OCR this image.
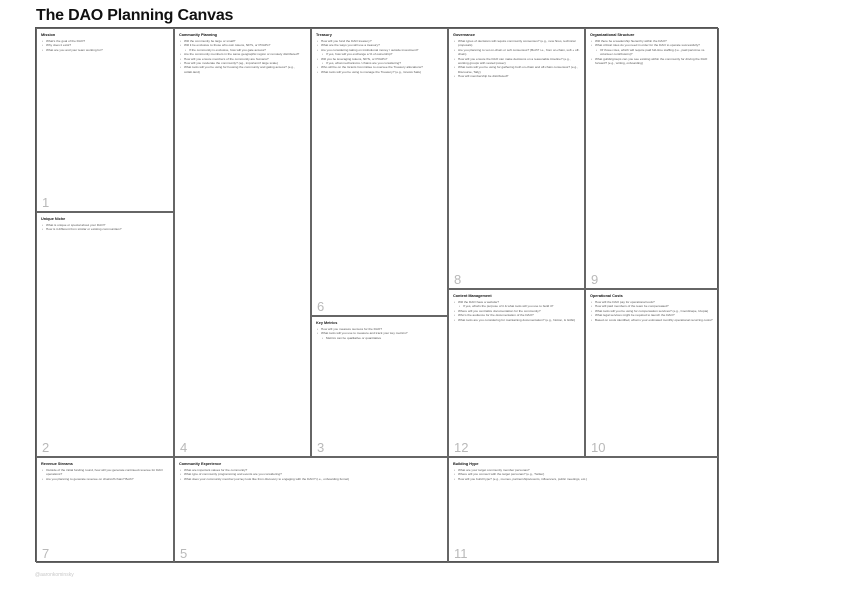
The DAO Planning Canvas
Mission
• What's the goal of the DAO?
• Why does it exist?
• What are you and your team working for?
1
Unique Niche
• What is unique or special about your DAO?
• How is it different from similar or existing communities?
2
Community Planning
• Will the community be large or small?
• Will it be exclusive to those who own tokens, NFTs, or POAPs?
• If the community is exclusive, how will you gate access?
• Are the community members in the same geographic region or remotely distributed?
• How will you ensure members of the community are humans?
• How will you moderate the community? (eg., important if large scale)
• What tools will you be using for housing the community and gating access? (e.g., collab.land)
4
Treasury
• How will you fund the DAO treasury?
• What are the ways you will use a treasury?
• Are you considering taking on institutional money / outside investment?
• If yes, how will you exchange a % of ownership?
• Will you be leveraging tokens, NFTs, or POAPs?
• If yes, what mechanisms / chains are you considering?
• Who will be on the Grants Committee to oversee the Treasury allocations?
• What tools will you be using to manage the Treasury? (e.g., Gnosis Safe)
6
Key Metrics
• How will you measure success for the DAO?
• What tools will you use to measure and track your key metrics?
• Metrics can be qualitative or quantitative
3
Governance
• What types of decisions will require community consensus? (e.g., new hires, technical proposals)
• Are you planning to vet on-chain or soft consensus? (Both? i.e., from on-chain, soft + off-chain)
• How will you ensure the DAO can make decisions on a reasonable timeline? (e.g., working groups with vested power)
• What tools will you be using for gathering both on-chain and off-chain consensus? (e.g., Discourse, Tally)
• How will membership be distributed?
8
Content Management
• Will the DAO have a website?
• If yes, what's the purpose of it & what tools will you use to build it?
• Where will you centralize documentation for the community?
• Who's the audience for the documentation of the DAO?
• What tools are you considering for maintaining documentation? (e.g., Notion, & Gitbit)
12
Organizational Structure
• Will there be a leadership hierarchy within the DAO?
• What critical roles do you need in order for the DAO to operate successfully?
• Of those roles, which will require paid full-time staffing (i.e., paid part-time vs. volunteer contributors)?
• What guilds/groups can you see existing within the community for driving the DAO forward? (e.g., writing, onboarding)
9
Operational Costs
• How will the DAO pay for operational tools?
• How will paid members of the team be compensated?
• What tools will you be using for compensation services? (e.g., Coordinape, Utopia)
• What legal services might be required to launch the DAO?
• Based on costs identified, what is your estimated monthly operational recurring costs?
10
Revenue Streams
• Outside of the initial funding round, how will you generate continued revenue for DAO operations?
• Are you planning to generate revenue on chain/off chain? Both?
7
Community Experience
• What are important values for the community?
• What type of community programming and events are you considering?
• What does your community member journey look like from discovery to engaging with the DAO? (i.e., onboarding funnel)
5
Building Hype
• What are your target community member personas?
• Where will you connect with the target personas? (e.g., Twitter)
• How will you build hype? (e.g., memes, partnerships/events, influencers, public meetings, etc.)
11
@aaronkominsky
